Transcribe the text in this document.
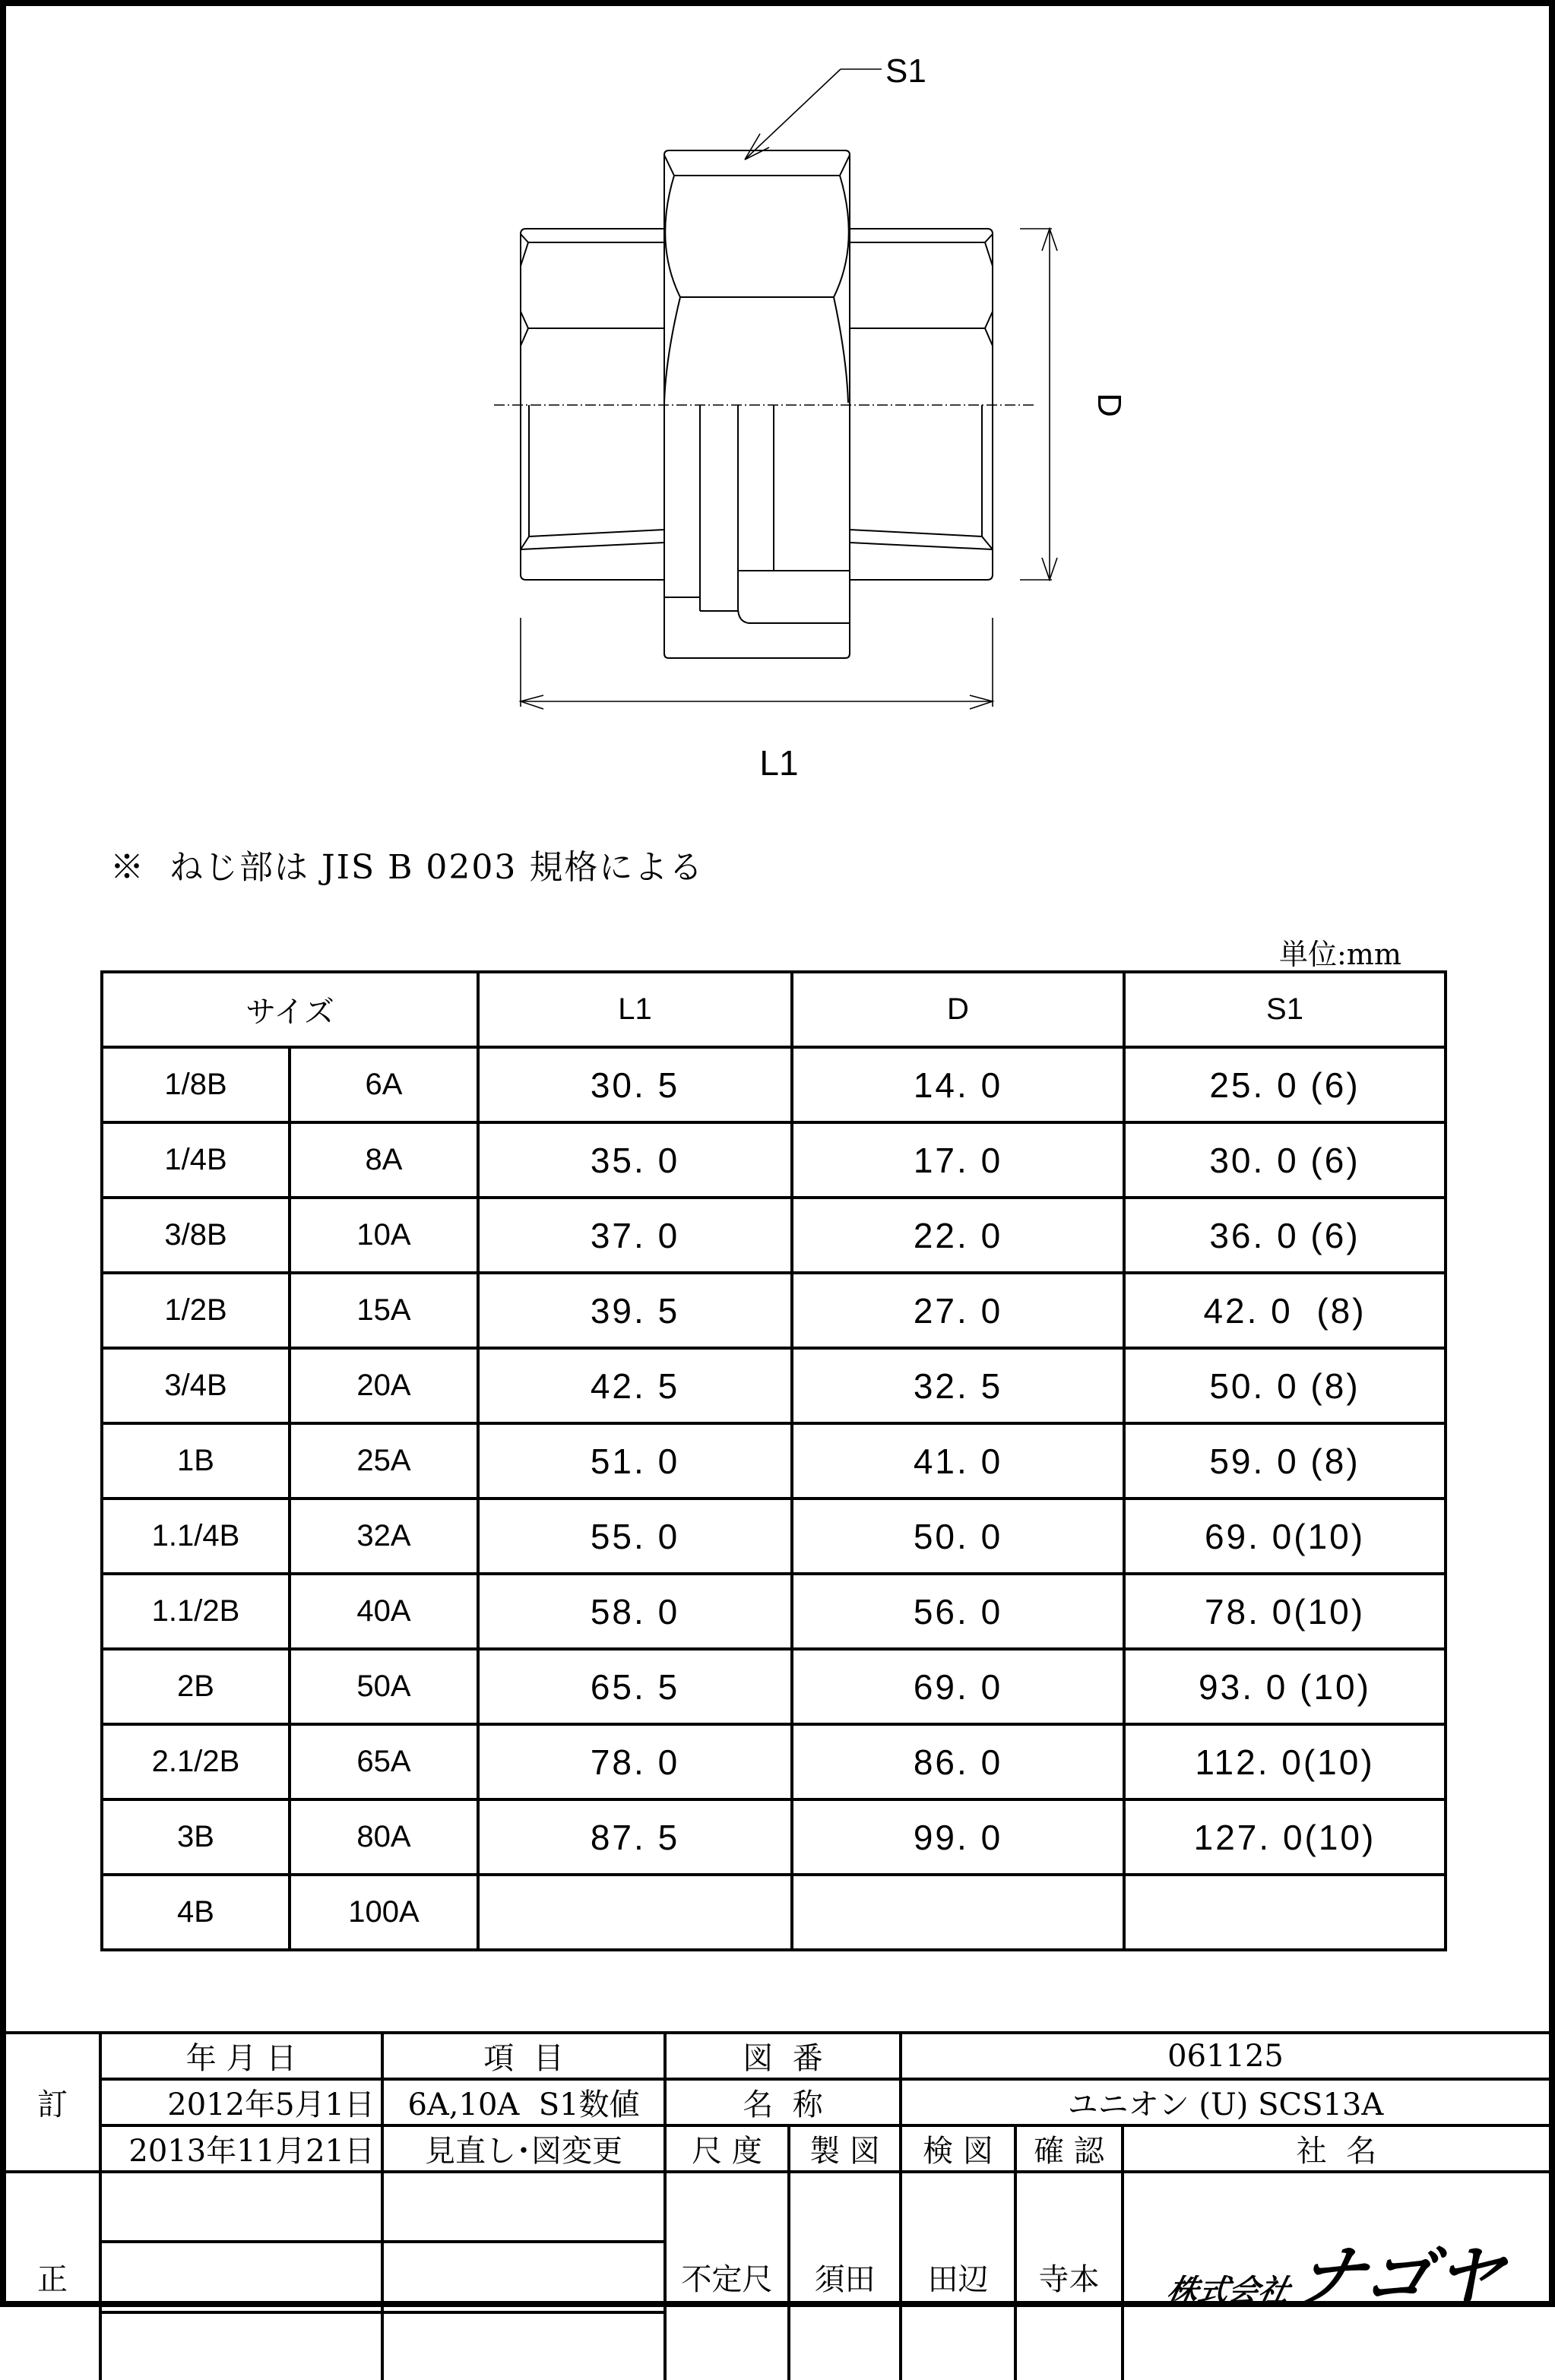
S1
D
L1
※  ねじ部は JIS B 0203 規格による
単位:mm
サイズ		L1	D	S1
1/8B	6A	30. 5	14. 0	25. 0 (6)
1/4B	8A	35. 0	17. 0	30. 0 (6)
3/8B	10A	37. 0	22. 0	36. 0 (6)
1/2B	15A	39. 5	27. 0	42. 0  (8)
3/4B	20A	42. 5	32. 5	50. 0 (8)
1B	25A	51. 0	41. 0	59. 0 (8)
1.1/4B	32A	55. 0	50. 0	69. 0(10)
1.1/2B	40A	58. 0	56. 0	78. 0(10)
2B	50A	65. 5	69. 0	93. 0 (10)
2.1/2B	65A	78. 0	86. 0	112. 0(10)
3B	80A	87. 5	99. 0	127. 0(10)
4B	100A			
訂	年 月 日	項  目	図  番		061125		
	2012年5月1日	6A,10A  S1数値	名  称		ユニオン (U) SCS13A		
	2013年11月21日	見直し･図変更	尺 度	製 図	検 図	確 認	社  名
正			不定尺	須田	田辺	寺本	株式会社
ナゴヤ
